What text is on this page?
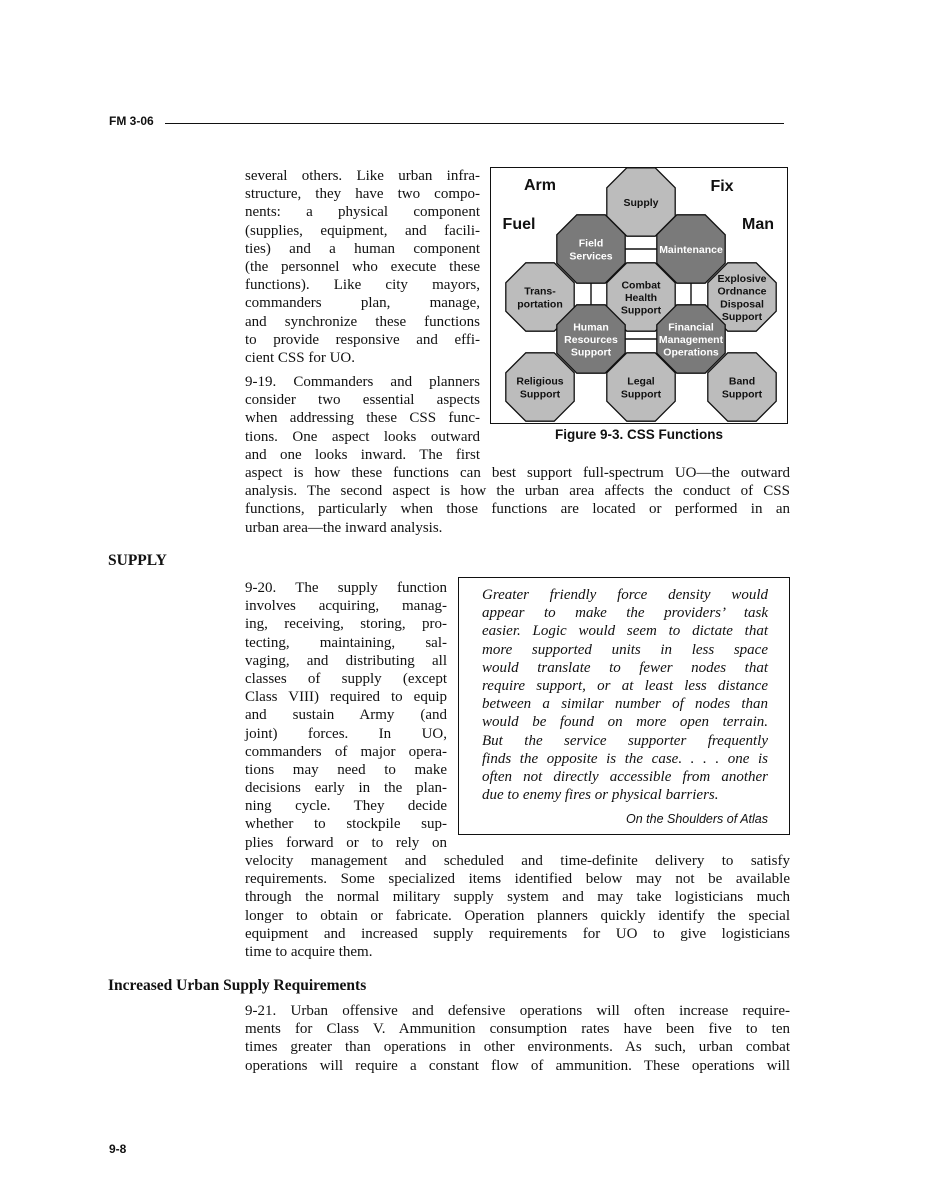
FM 3-06
several others. Like urban infra-
structure, they have two compo-
nents: a physical component
(supplies, equipment, and facili-
ties) and a human component
(the personnel who execute these
functions). Like city mayors,
commanders plan, manage,
and synchronize these functions
to provide responsive and effi-
cient CSS for UO.
9-19. Commanders and planners
consider two essential aspects
when addressing these CSS func-
tions. One aspect looks outward
and one looks inward. The first
aspect is how these functions can best support full-spectrum UO—the outward
analysis. The second aspect is how the urban area affects the conduct of CSS
functions, particularly when those functions are located or performed in an
urban area—the inward analysis.
Supply
Field
Services
Maintenance
Trans-
portation
Combat
Health
Support
Explosive
Ordnance
Disposal
Support
Human
Resources
Support
Financial
Management
Operations
Religious
Support
Legal
Support
Band
Support
Arm	Fix
Fuel	Man
Figure 9-3. CSS Functions
SUPPLY
9-20. The supply function
involves acquiring, manag-
ing, receiving, storing, pro-
tecting, maintaining, sal-
vaging, and distributing all
classes of supply (except
Class VIII) required to equip
and sustain Army (and
joint) forces. In UO,
commanders of major opera-
tions may need to make
decisions early in the plan-
ning cycle. They decide
whether to stockpile sup-
plies forward or to rely on
Greater friendly force density would
appear to make the providers’ task
easier. Logic would seem to dictate that
more supported units in less space
would translate to fewer nodes that
require support, or at least less distance
between a similar number of nodes than
would be found on more open terrain.
But the service supporter frequently
finds the opposite is the case. . . . one is
often not directly accessible from another
due to enemy fires or physical barriers.
On the Shoulders of Atlas
velocity management and scheduled and time-definite delivery to satisfy
requirements. Some specialized items identified below may not be available
through the normal military supply system and may take logisticians much
longer to obtain or fabricate. Operation planners quickly identify the special
equipment and increased supply requirements for UO to give logisticians
time to acquire them.
Increased Urban Supply Requirements
9-21. Urban offensive and defensive operations will often increase require-
ments for Class V. Ammunition consumption rates have been five to ten
times greater than operations in other environments. As such, urban combat
operations will require a constant flow of ammunition. These operations will
9-8
